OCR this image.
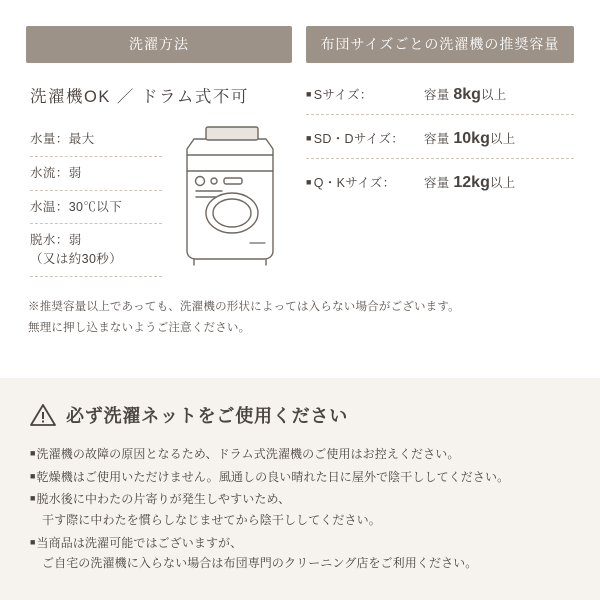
洗濯方法	布団サイズごとの洗濯機の推奨容量
洗濯機OK ／ ドラム式不可
水量：最大
水流：弱
水温：30℃以下
脱水：弱
（又は約30秒）
■ Sサイズ：	容量 8kg以上
■ SD・Dサイズ：	容量 10kg以上
■ Q・Kサイズ：	容量 12kg以上
※推奨容量以上であっても、洗濯機の形状によっては入らない場合がございます。
無理に押し込まないようご注意ください。
必ず洗濯ネットをご使用ください
■洗濯機の故障の原因となるため、ドラム式洗濯機のご使用はお控えください。
■乾燥機はご使用いただけません。風通しの良い晴れた日に屋外で陰干ししてください。
■脱水後に中わたの片寄りが発生しやすいため、
干す際に中わたを慣らしなじませてから陰干ししてください。
■当商品は洗濯可能ではございますが、
ご自宅の洗濯機に入らない場合は布団専門のクリーニング店をご利用ください。
